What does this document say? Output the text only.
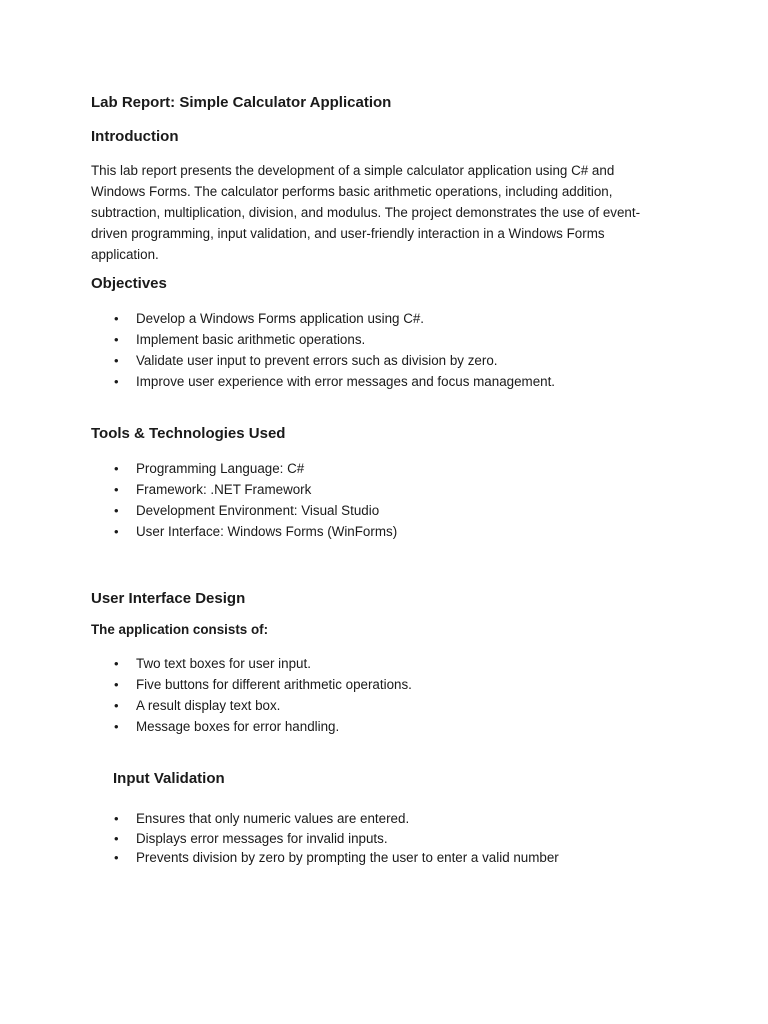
Lab Report: Simple Calculator Application
Introduction

This lab report presents the development of a simple calculator application using C# and Windows Forms. The calculator performs basic arithmetic operations, including addition, subtraction, multiplication, division, and modulus. The project demonstrates the use of event-driven programming, input validation, and user-friendly interaction in a Windows Forms application.

Objectives
• Develop a Windows Forms application using C#.
• Implement basic arithmetic operations.
• Validate user input to prevent errors such as division by zero.
• Improve user experience with error messages and focus management.
Tools & Technologies Used
• Programming Language: C#
• Framework: .NET Framework
• Development Environment: Visual Studio
• User Interface: Windows Forms (WinForms)
User Interface Design
The application consists of:
• Two text boxes for user input.
• Five buttons for different arithmetic operations.
• A result display text box.
• Message boxes for error handling.
Input Validation
• Ensures that only numeric values are entered.
• Displays error messages for invalid inputs.
• Prevents division by zero by prompting the user to enter a valid number
